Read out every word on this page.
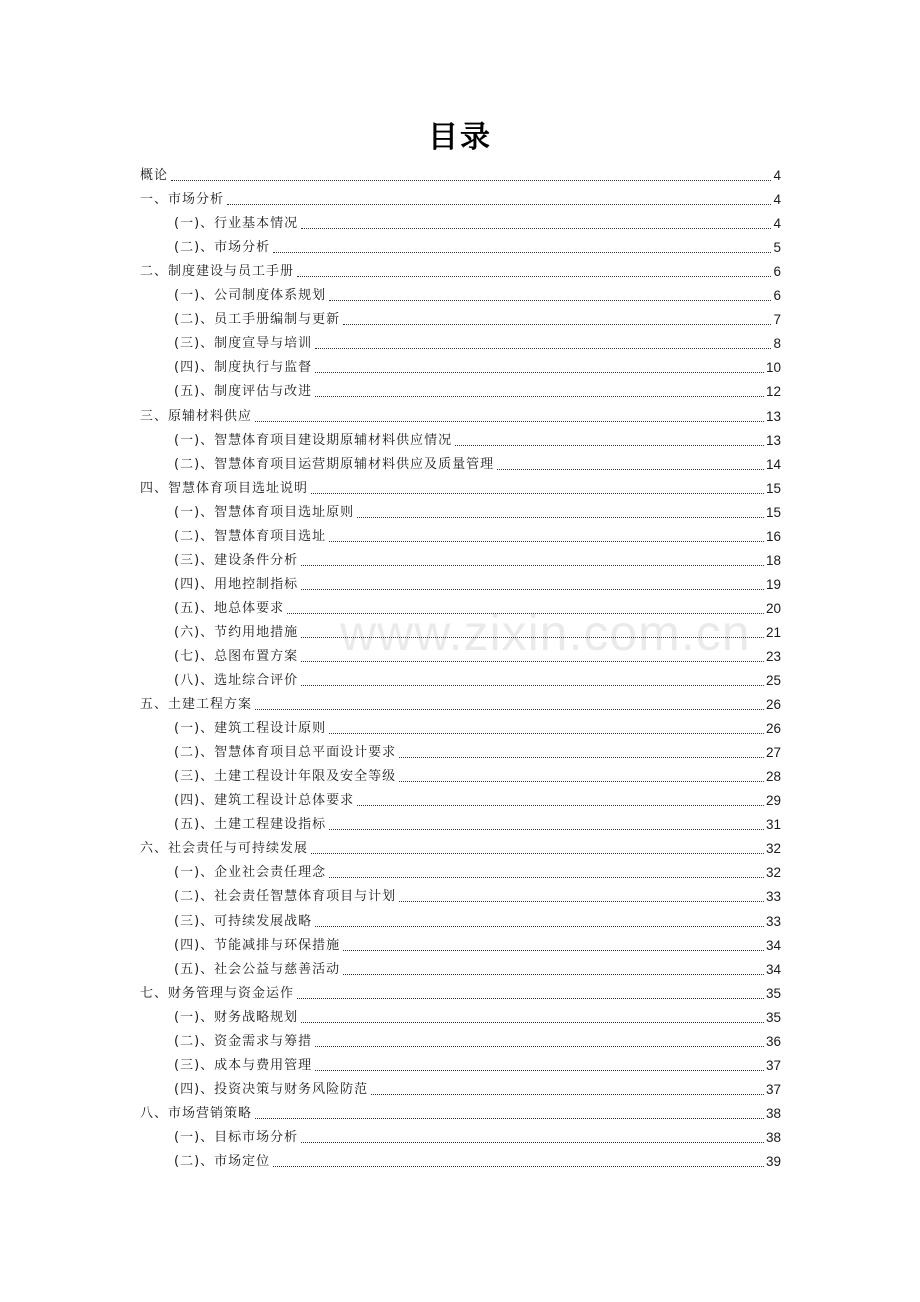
目录
概论	4
一、市场分析	4
(一)、行业基本情况	4
(二)、市场分析	5
二、制度建设与员工手册	6
(一)、公司制度体系规划	6
(二)、员工手册编制与更新	7
(三)、制度宣导与培训	8
(四)、制度执行与监督	10
(五)、制度评估与改进	12
三、原辅材料供应	13
(一)、智慧体育项目建设期原辅材料供应情况	13
(二)、智慧体育项目运营期原辅材料供应及质量管理	14
四、智慧体育项目选址说明	15
(一)、智慧体育项目选址原则	15
(二)、智慧体育项目选址	16
(三)、建设条件分析	18
(四)、用地控制指标	19
(五)、地总体要求	20
(六)、节约用地措施	21
(七)、总图布置方案	23
(八)、选址综合评价	25
五、土建工程方案	26
(一)、建筑工程设计原则	26
(二)、智慧体育项目总平面设计要求	27
(三)、土建工程设计年限及安全等级	28
(四)、建筑工程设计总体要求	29
(五)、土建工程建设指标	31
六、社会责任与可持续发展	32
(一)、企业社会责任理念	32
(二)、社会责任智慧体育项目与计划	33
(三)、可持续发展战略	33
(四)、节能减排与环保措施	34
(五)、社会公益与慈善活动	34
七、财务管理与资金运作	35
(一)、财务战略规划	35
(二)、资金需求与筹措	36
(三)、成本与费用管理	37
(四)、投资决策与财务风险防范	37
八、市场营销策略	38
(一)、目标市场分析	38
(二)、市场定位	39
www.zixin.com.cn
